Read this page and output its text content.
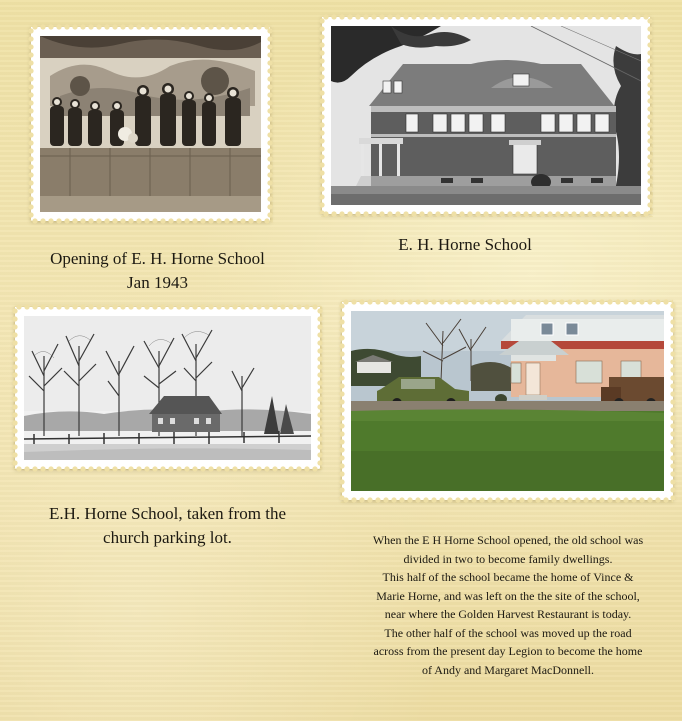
Opening of E. H. Horne School
Jan 1943

E. H. Horne School

E.H. Horne School, taken from the
church parking lot.	When the E H Horne School opened, the old school was
divided in two to become family dwellings.
This half of the school became the home of Vince &
Marie Horne, and was left on the the site of the school,
near where the Golden Harvest Restaurant is today.
The other half of the school was moved up the road
across from the present day Legion to become the home
of Andy and Margaret MacDonnell.
